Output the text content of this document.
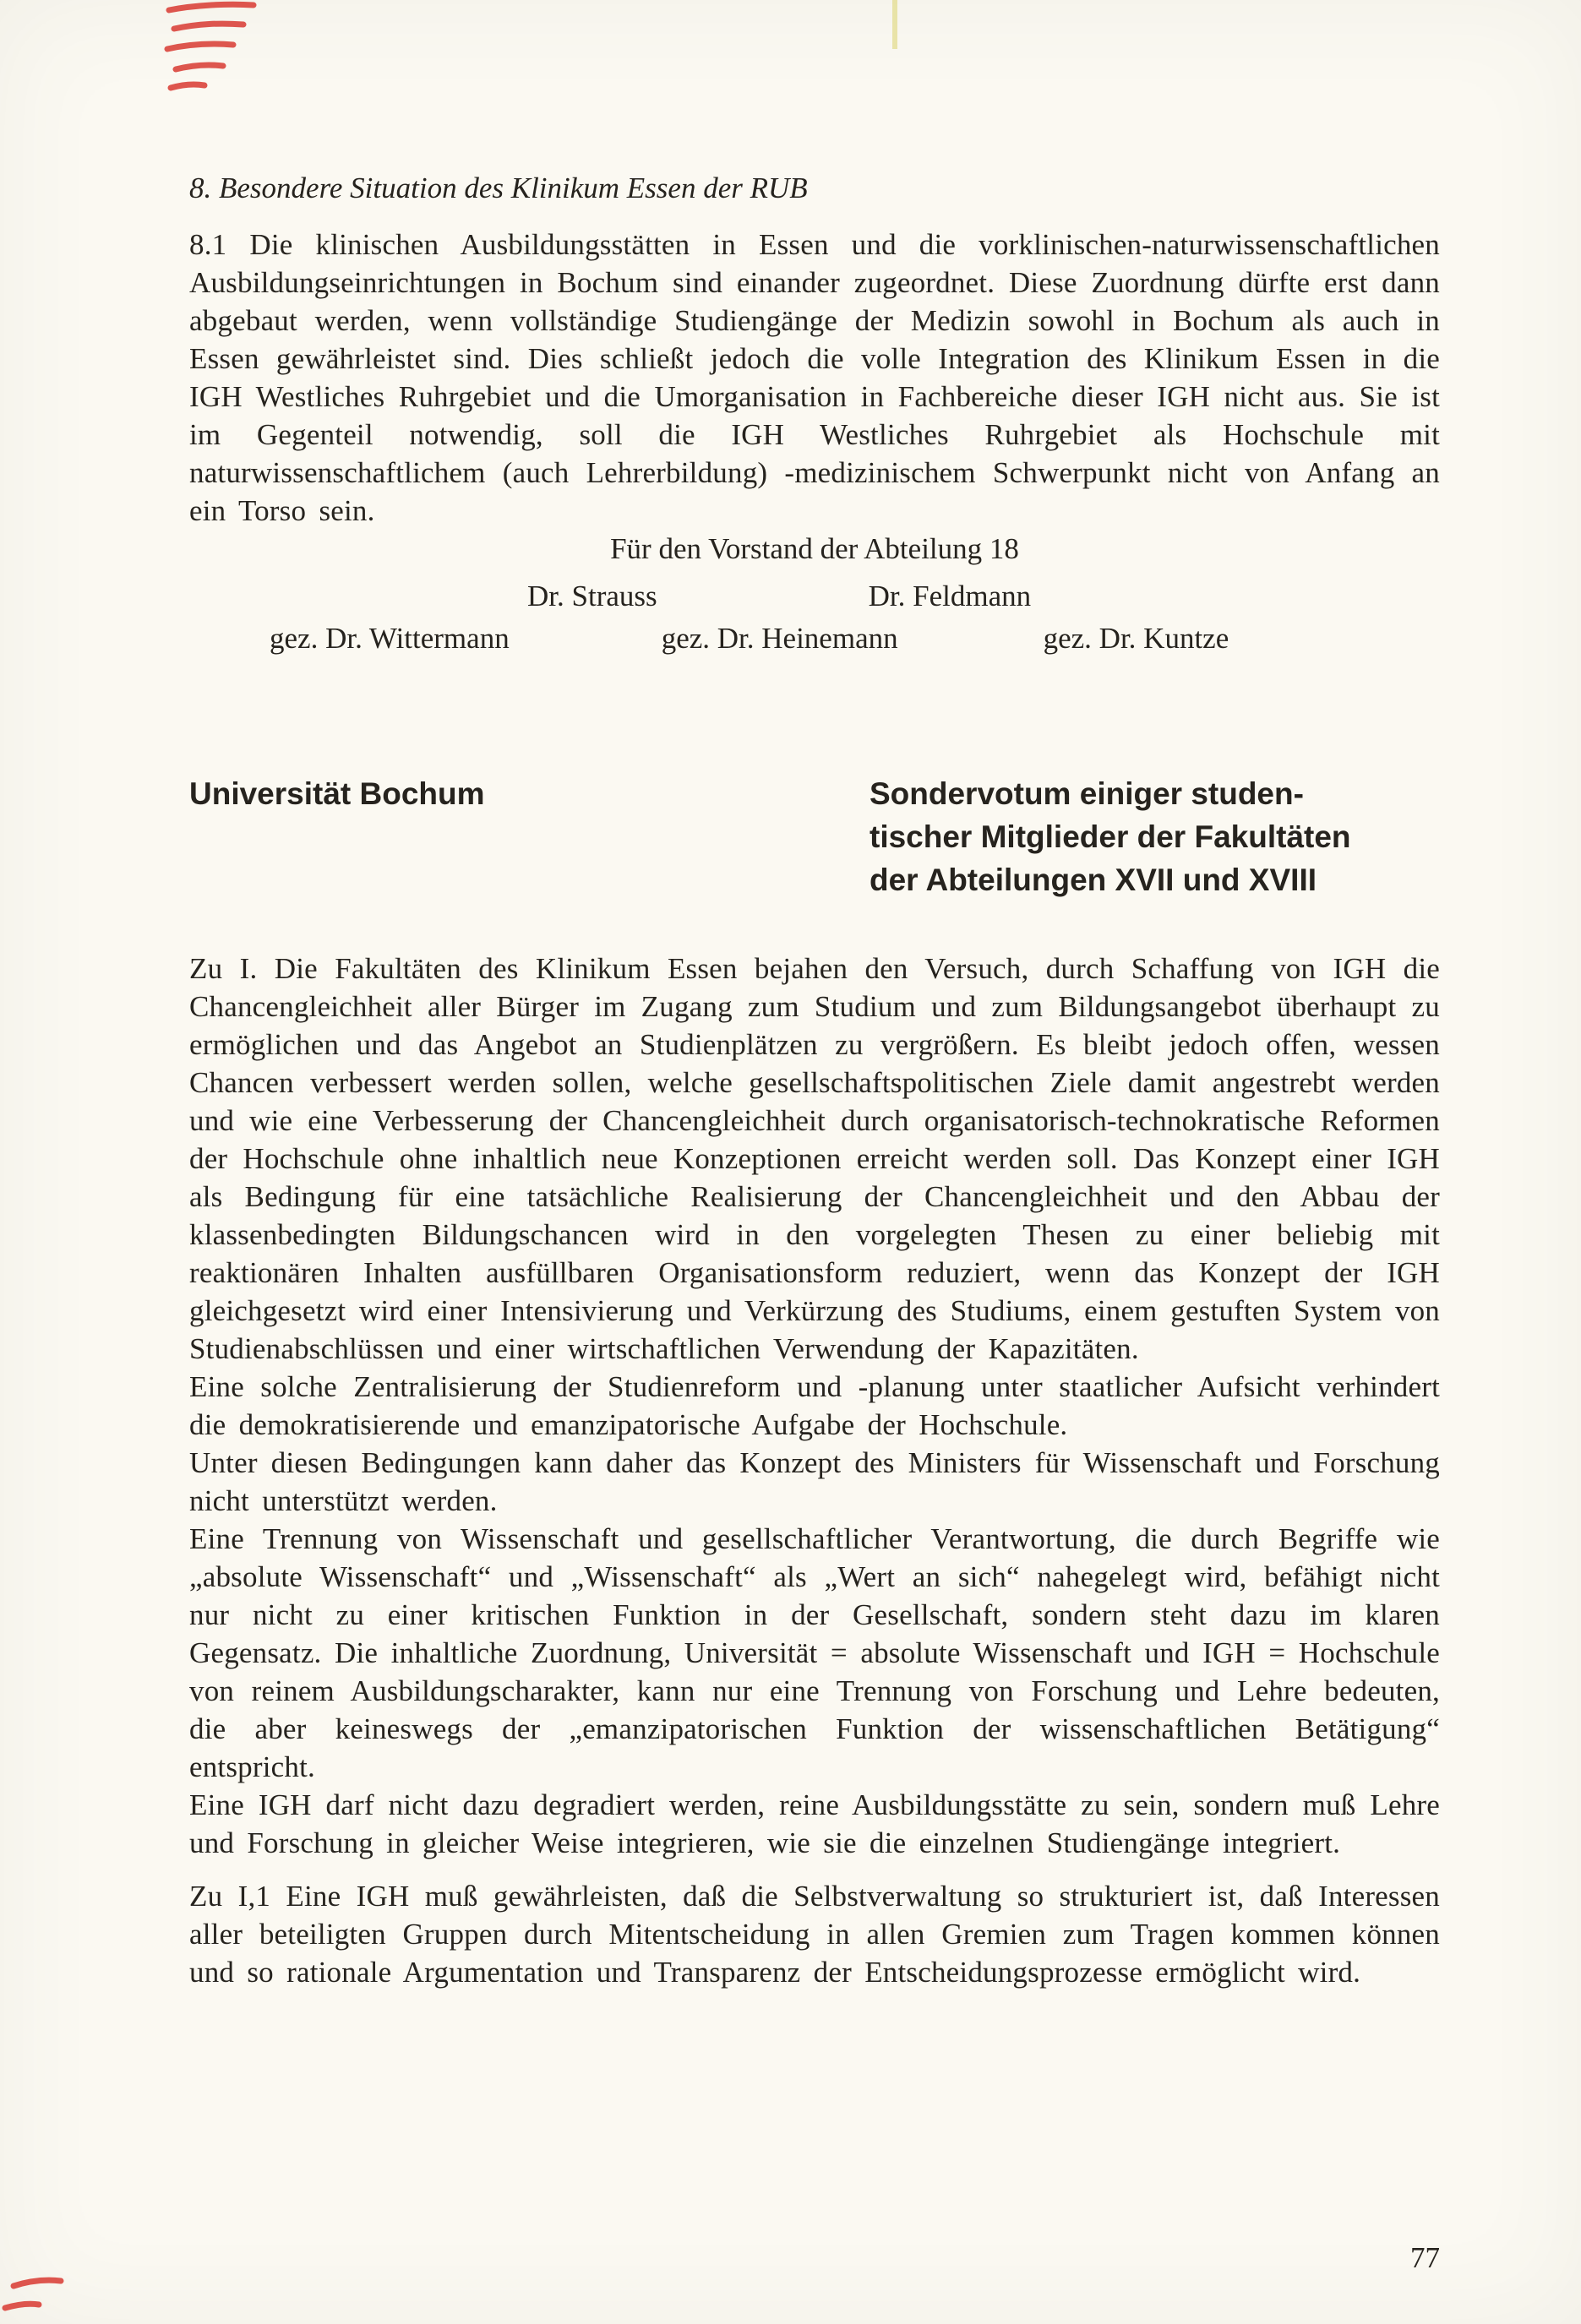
8. Besondere Situation des Klinikum Essen der RUB

8.1 Die klinischen Ausbildungsstätten in Essen und die vorklinischen-naturwissenschaftlichen Ausbildungseinrichtungen in Bochum sind einander zugeordnet. Diese Zuordnung dürfte erst dann abgebaut werden, wenn vollständige Studiengänge der Medizin sowohl in Bochum als auch in Essen gewährleistet sind. Dies schließt jedoch die volle Integration des Klinikum Essen in die IGH Westliches Ruhrgebiet und die Umorganisation in Fachbereiche dieser IGH nicht aus. Sie ist im Gegenteil notwendig, soll die IGH Westliches Ruhrgebiet als Hochschule mit naturwissenschaftlichem (auch Lehrerbildung) -medizinischem Schwerpunkt nicht von Anfang an ein Torso sein.

Für den Vorstand der Abteilung 18

Dr. Strauss	Dr. Feldmann
gez. Dr. Wittermann	gez. Dr. Heinemann	gez. Dr. Kuntze
Universität Bochum	Sondervotum einiger studen-
tischer Mitglieder der Fakultäten
der Abteilungen XVII und XVIII

Zu I. Die Fakultäten des Klinikum Essen bejahen den Versuch, durch Schaffung von IGH die Chancengleichheit aller Bürger im Zugang zum Studium und zum Bildungsangebot überhaupt zu ermöglichen und das Angebot an Studienplätzen zu vergrößern. Es bleibt jedoch offen, wessen Chancen verbessert werden sollen, welche gesellschaftspolitischen Ziele damit angestrebt werden und wie eine Verbesserung der Chancengleichheit durch organisatorisch-technokratische Reformen der Hochschule ohne inhaltlich neue Konzeptionen erreicht werden soll. Das Konzept einer IGH als Bedingung für eine tatsächliche Realisierung der Chancengleichheit und den Abbau der klassenbedingten Bildungschancen wird in den vorgelegten Thesen zu einer beliebig mit reaktionären Inhalten ausfüllbaren Organisationsform reduziert, wenn das Konzept der IGH gleichgesetzt wird einer Intensivierung und Verkürzung des Studiums, einem gestuften System von Studienabschlüssen und einer wirtschaftlichen Verwendung der Kapazitäten.

Eine solche Zentralisierung der Studienreform und -planung unter staatlicher Aufsicht verhindert die demokratisierende und emanzipatorische Aufgabe der Hochschule.

Unter diesen Bedingungen kann daher das Konzept des Ministers für Wissenschaft und Forschung nicht unterstützt werden.

Eine Trennung von Wissenschaft und gesellschaftlicher Verantwortung, die durch Begriffe wie „absolute Wissenschaft“ und „Wissenschaft“ als „Wert an sich“ nahegelegt wird, befähigt nicht nur nicht zu einer kritischen Funktion in der Gesellschaft, sondern steht dazu im klaren Gegensatz. Die inhaltliche Zuordnung, Universität = absolute Wissenschaft und IGH = Hochschule von reinem Ausbildungscharakter, kann nur eine Trennung von Forschung und Lehre bedeuten, die aber keineswegs der „emanzipatorischen Funktion der wissenschaftlichen Betätigung“ entspricht.

Eine IGH darf nicht dazu degradiert werden, reine Ausbildungsstätte zu sein, sondern muß Lehre und Forschung in gleicher Weise integrieren, wie sie die einzelnen Studiengänge integriert.

Zu I,1 Eine IGH muß gewährleisten, daß die Selbstverwaltung so strukturiert ist, daß Interessen aller beteiligten Gruppen durch Mitentscheidung in allen Gremien zum Tragen kommen können und so rationale Argumentation und Transparenz der Entscheidungsprozesse ermöglicht wird.

77
